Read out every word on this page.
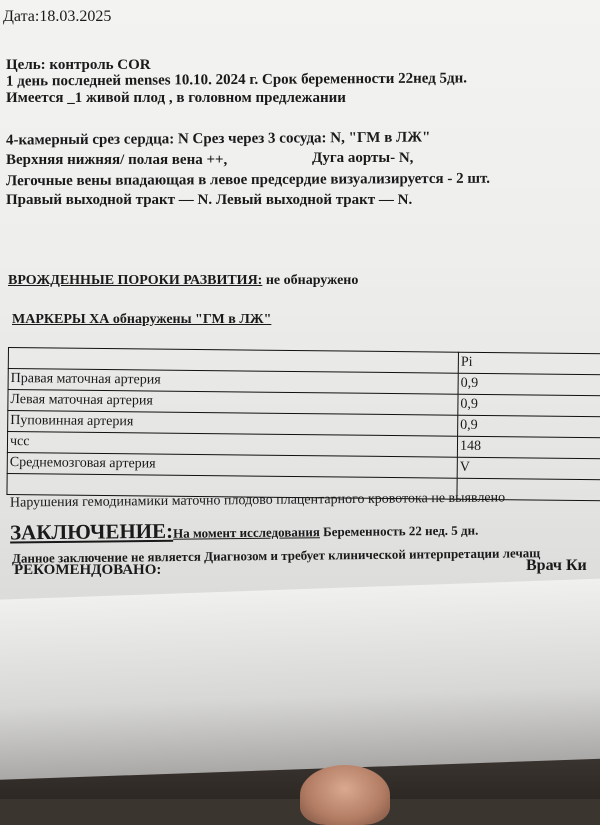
Дата:18.03.2025
Цель: контроль COR
1 день последней menses 10.10. 2024 г. Срок беременности 22нед 5дн.
Имеется _1 живой плод , в головном предлежании
4-камерный срез сердца: N Срез через 3 сосуда: N, "ГМ в ЛЖ"
Верхняя нижняя/ полая вена ++,	Дуга аорты- N,
Легочные вены впадающая в левое предсердие визуализируется - 2 шт.
Правый выходной тракт — N. Левый выходной тракт — N.
ВРОЖДЕННЫЕ ПОРОКИ РАЗВИТИЯ: не обнаружено
МАРКЕРЫ ХА обнаружены "ГМ в ЛЖ"
	Pi
Правая маточная артерия	0,9
Левая маточная артерия	0,9
Пуповинная артерия	0,9
чсс	148
Среднемозговая артерия	V

Нарушения гемодинамики маточно плодово плацентарного кровотока не выявлено
ЗАКЛЮЧЕНИЕ:На момент исследования Беременность 22 нед. 5 дн.
Данное заключение не является Диагнозом и требует клинической интерпретации лечащ
РЕКОМЕНДОВАНО:	Врач Ки
